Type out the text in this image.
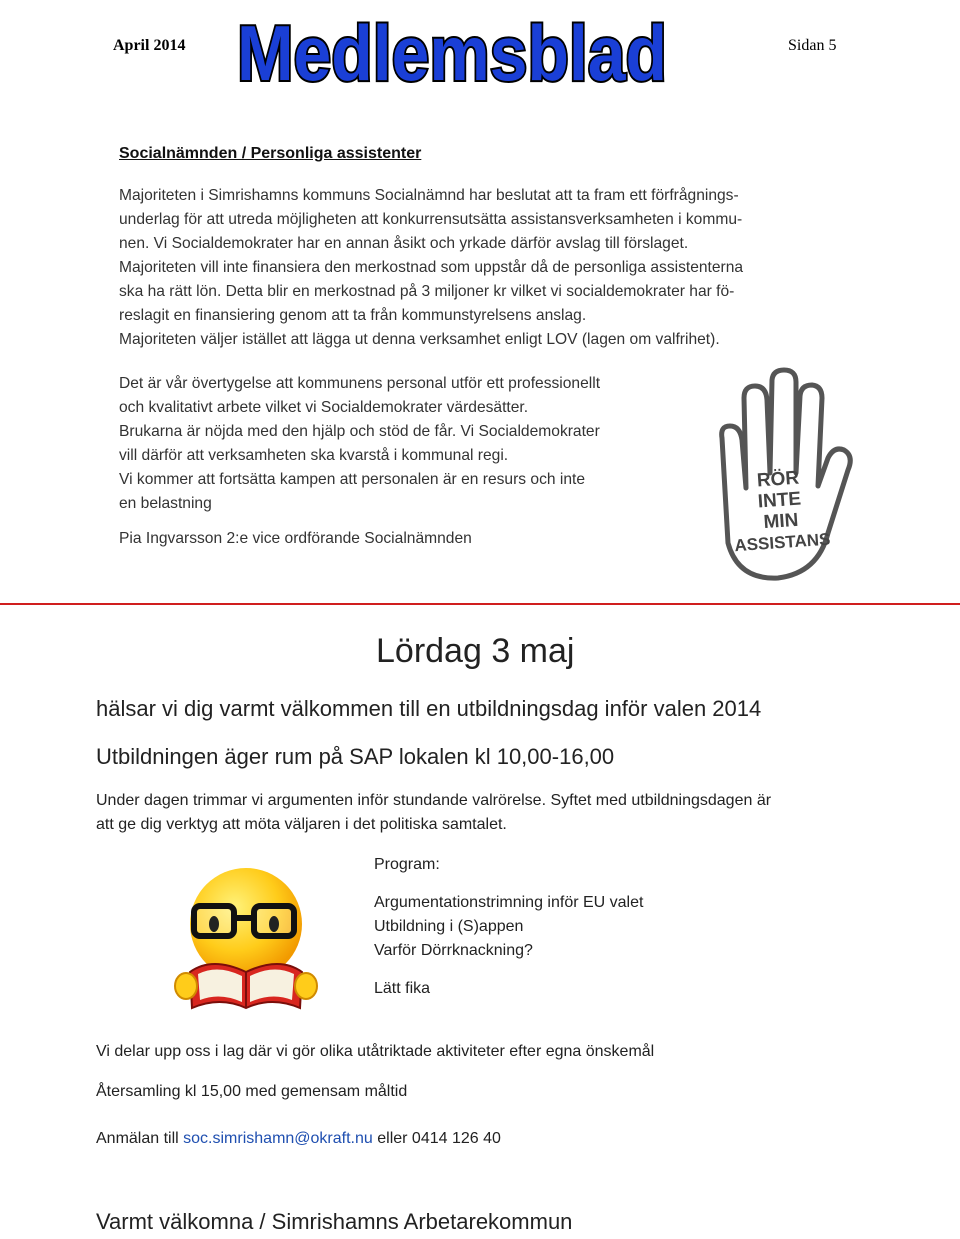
April 2014 Medlemsblad	Sidan 5
Socialnämnden / Personliga assistenter

Majoriteten i Simrishamns kommuns Socialnämnd har beslutat att ta fram ett förfrågnings-

underlag för att utreda möjligheten att konkurrensutsätta assistansverksamheten i kommu-

nen. Vi Socialdemokrater har en annan åsikt och yrkade därför avslag till förslaget.

Majoriteten vill inte finansiera den merkostnad som uppstår då de personliga assistenterna

ska ha rätt lön. Detta blir en merkostnad på 3 miljoner kr vilket vi socialdemokrater har fö-

reslagit en finansiering genom att ta från kommunstyrelsens anslag.

Majoriteten väljer istället att lägga ut denna verksamhet enligt LOV (lagen om valfrihet).

Det är vår övertygelse att kommunens personal utför ett professionellt

och kvalitativt arbete vilket vi Socialdemokrater värdesätter.

Brukarna är nöjda med den hjälp och stöd de får. Vi Socialdemokrater

vill därför att verksamheten ska kvarstå i kommunal regi.

Vi kommer att fortsätta kampen att personalen är en resurs och inte

en belastning

Pia Ingvarsson 2:e vice ordförande Socialnämnden
RÖR
INTE
MIN
ASSISTANS
Lördag 3 maj
hälsar vi dig varmt välkommen till en utbildningsdag inför valen 2014
Utbildningen äger rum på SAP lokalen kl 10,00-16,00
Under dagen trimmar vi argumenten inför stundande valrörelse. Syftet med utbildningsdagen är
att ge dig verktyg att möta väljaren i det politiska samtalet.
Program:
Argumentationstrimning inför EU valet
Utbildning i (S)appen
Varför Dörrknackning?
Lätt fika
Vi delar upp oss i lag där vi gör olika utåtriktade aktiviteter efter egna önskemål
Återsamling kl 15,00 med gemensam måltid
Anmälan till soc.simrishamn@okraft.nu eller 0414 126 40
Varmt välkomna / Simrishamns Arbetarekommun
